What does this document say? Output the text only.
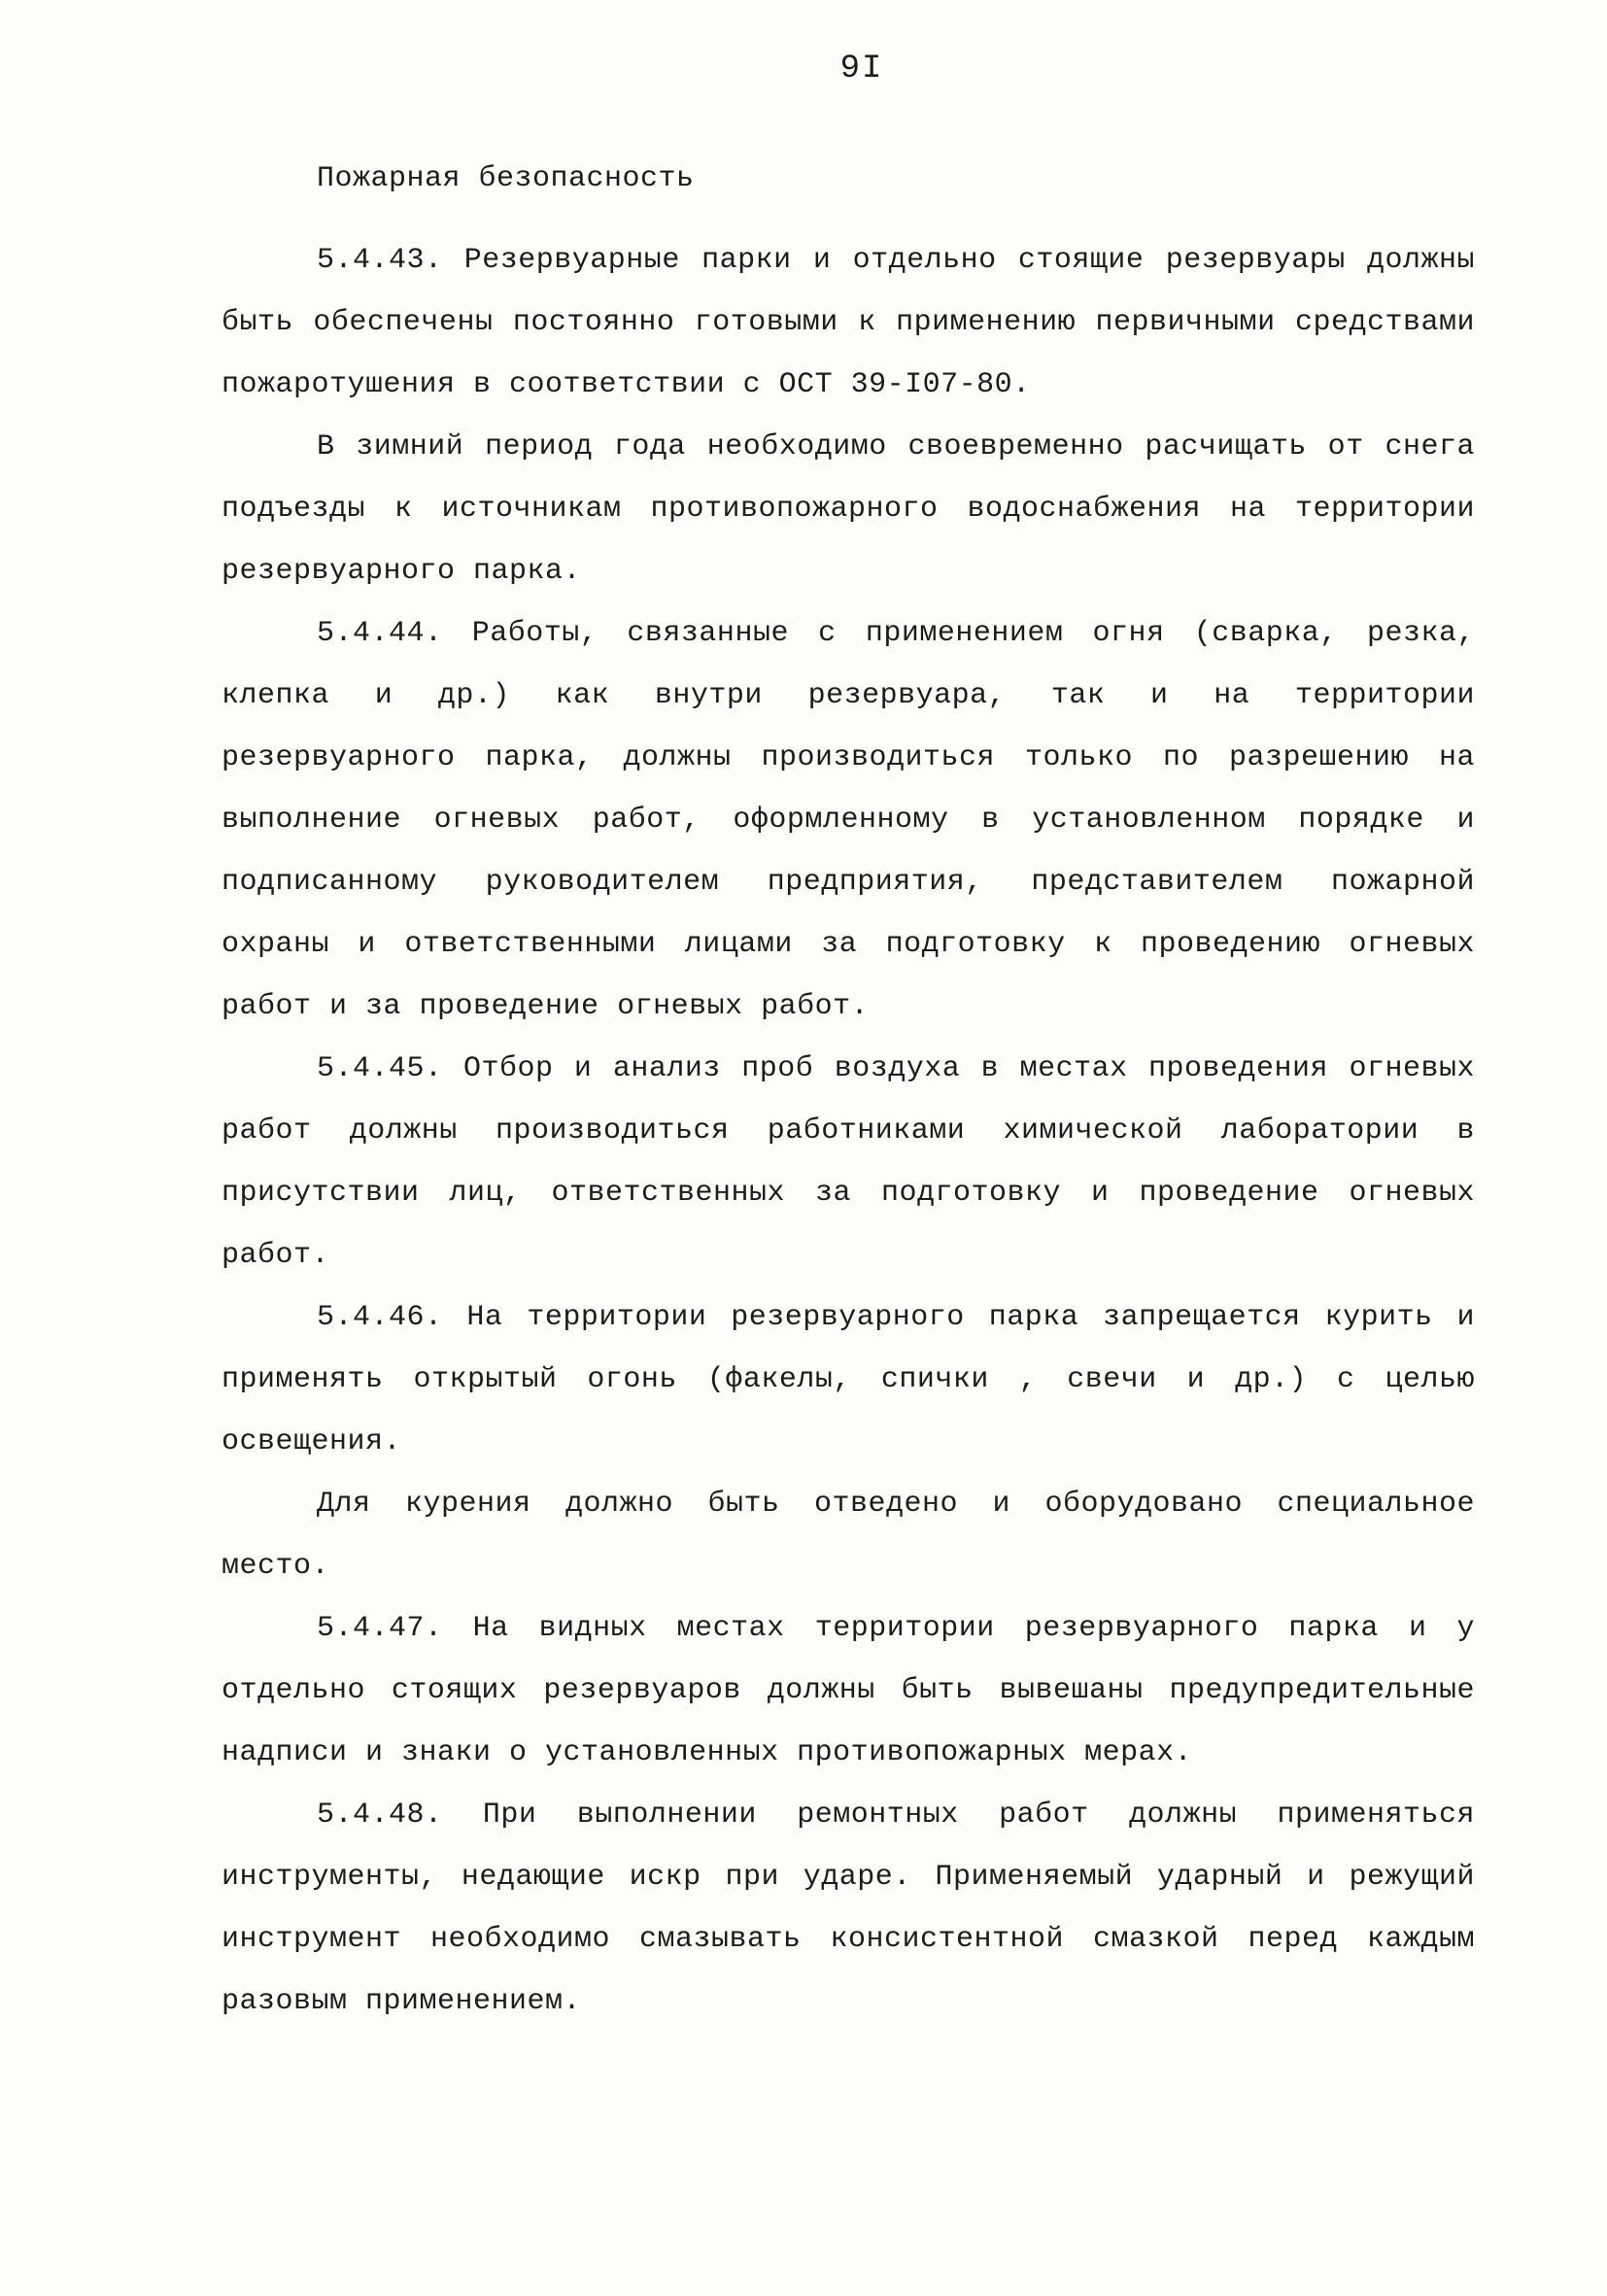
9I
Пожарная безопасность

5.4.43. Резервуарные парки и отдельно стоящие резервуары должны быть обеспечены постоянно готовыми к применению первичными средствами пожаротушения в соответствии с ОСТ 39-I07-80.

В зимний период года необходимо своевременно расчищать от снега подъезды к источникам противопожарного водоснабжения на территории резервуарного парка.

5.4.44. Работы, связанные с применением огня (сварка, резка, клепка и др.) как внутри резервуара, так и на территории резервуарного парка, должны производиться только по разрешению на выполнение огневых работ, оформленному в установленном порядке и подписанному руководителем предприятия, представителем пожарной охраны и ответственными лицами за подготовку к проведению огневых работ и за проведение огневых работ.

5.4.45. Отбор и анализ проб воздуха в местах проведения огневых работ должны производиться работниками химической лаборатории в присутствии лиц, ответственных за подготовку и проведение огневых работ.

5.4.46. На территории резервуарного парка запрещается курить и применять открытый огонь (факелы, спички , свечи и др.) с целью освещения.

Для курения должно быть отведено и оборудовано специальное место.

5.4.47. На видных местах территории резервуарного парка и у отдельно стоящих резервуаров должны быть вывешаны предупредительные надписи и знаки о установленных противопожарных мерах.

5.4.48. При выполнении ремонтных работ должны применяться инструменты, недающие искр при ударе. Применяемый ударный и режущий инструмент необходимо смазывать консистентной смазкой перед каждым разовым применением.
